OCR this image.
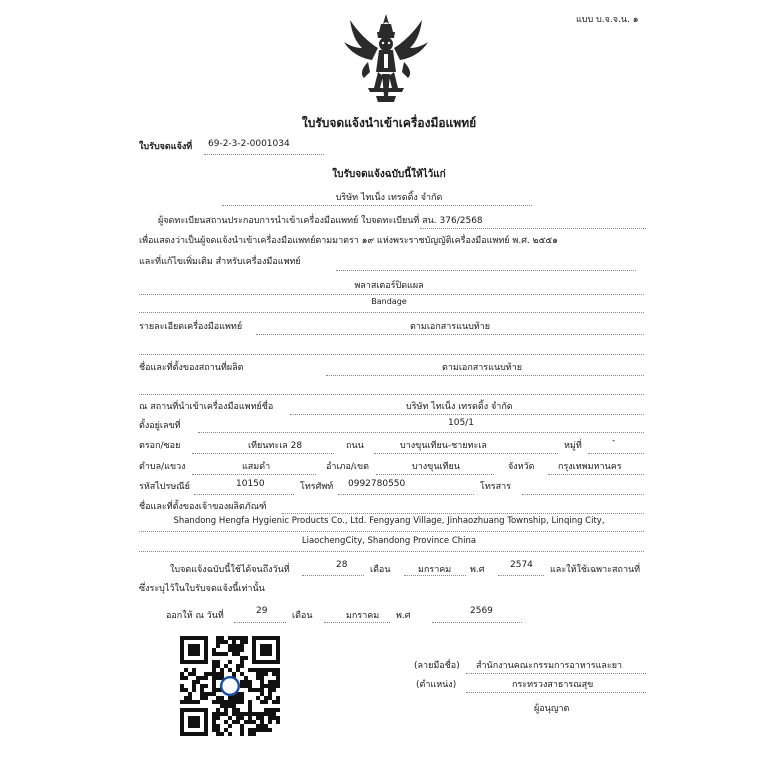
แบบ บ.จ.จ.น. ๑
ใบรับจดแจ้งนำเข้าเครื่องมือแพทย์
ใบรับจดแจ้งที่ 69-2-3-2-0001034
ใบรับจดแจ้งฉบับนี้ให้ไว้แก่
บริษัท ไทเน็ง เทรดดิ้ง จำกัด
ผู้จดทะเบียนสถานประกอบการนำเข้าเครื่องมือแพทย์ ใบจดทะเบียนที่ สน. 376/2568
เพื่อแสดงว่าเป็นผู้จดแจ้งนำเข้าเครื่องมือแพทย์ตามมาตรา ๑๙ แห่งพระราชบัญญัติเครื่องมือแพทย์ พ.ศ. ๒๕๕๑
และที่แก้ไขเพิ่มเติม สำหรับเครื่องมือแพทย์
พลาสเตอร์ปิดแผล
Bandage
รายละเอียดเครื่องมือแพทย์	ตามเอกสารแนบท้าย
ชื่อและที่ตั้งของสถานที่ผลิต	ตามเอกสารแนบท้าย
ณ สถานที่นำเข้าเครื่องมือแพทย์ชื่อ	บริษัท ไทเน็ง เทรดดิ้ง จำกัด
ตั้งอยู่เลขที่	105/1
ตรอก/ซอย	เทียนทะเล 28	ถนน	บางขุนเทียน-ชายทะเล	หมู่ที่	-
ตำบล/แขวง	แสมดำ	อำเภอ/เขต	บางขุนเทียน	จังหวัด	กรุงเทพมหานคร
รหัสไปรษณีย์	10150	โทรศัพท์ 0992780550	โทรสาร
ชื่อและที่ตั้งของเจ้าของผลิตภัณฑ์
Shandong Hengfa Hygienic Products Co., Ltd. Fengyang Village, Jinhaozhuang Township, Linqing City,
LiaochengCity, Shandong Province China
ใบจดแจ้งฉบับนี้ใช้ได้จนถึงวันที่	28	เดือน	มกราคม พ.ศ	2574 และให้ใช้เฉพาะสถานที่
ซึ่งระบุไว้ในใบรับจดแจ้งนี้เท่านั้น
ออกให้ ณ วันที่	29	เดือน	มกราคม พ.ศ	2569
(ลายมือชื่อ) สำนักงานคณะกรรมการอาหารและยา
(ตำแหน่ง)	กระทรวงสาธารณสุข
ผู้อนุญาต
